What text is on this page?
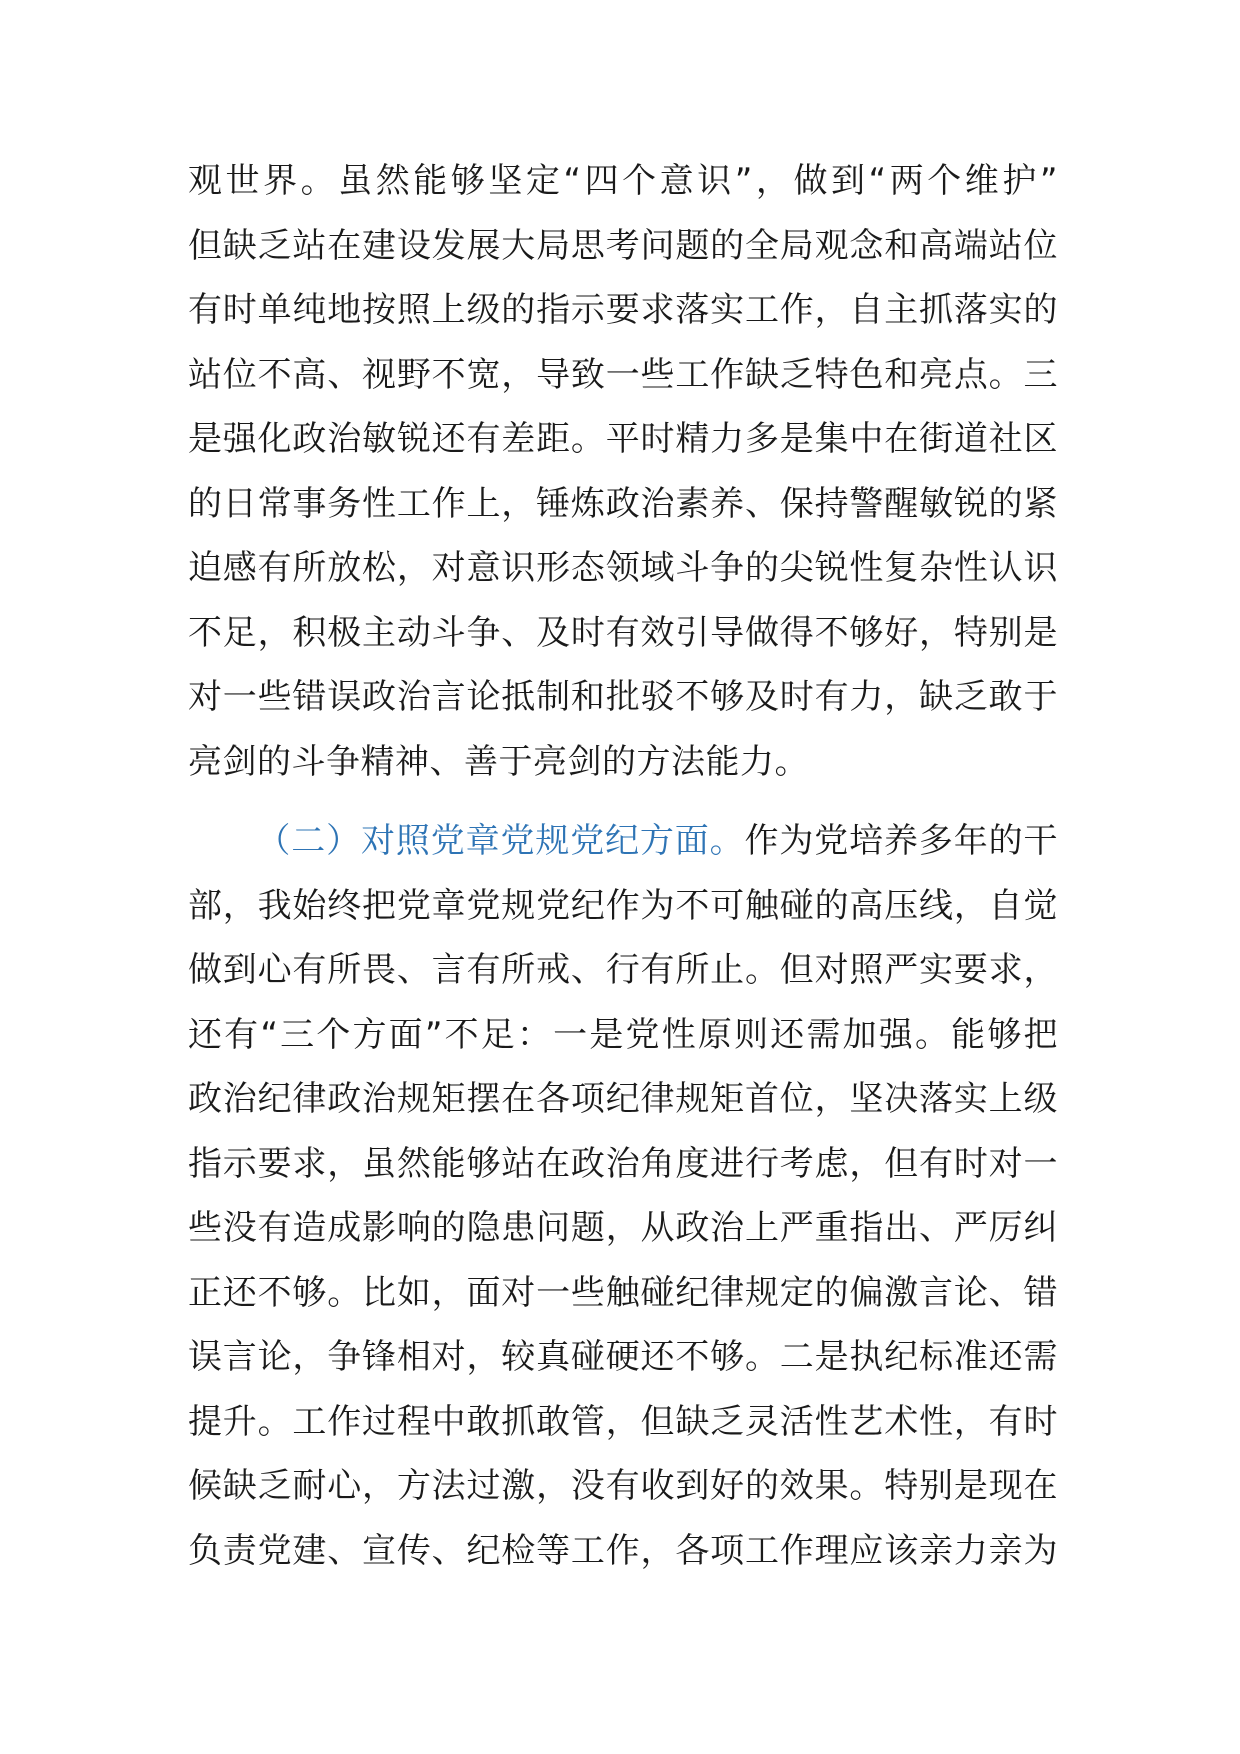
观世界。虽然能够坚定“四个意识”，做到“两个维护”
但缺乏站在建设发展大局思考问题的全局观念和高端站位
有时单纯地按照上级的指示要求落实工作，自主抓落实的
站位不高、视野不宽，导致一些工作缺乏特色和亮点。三
是强化政治敏锐还有差距。平时精力多是集中在街道社区
的日常事务性工作上，锤炼政治素养、保持警醒敏锐的紧
迫感有所放松，对意识形态领域斗争的尖锐性复杂性认识
不足，积极主动斗争、及时有效引导做得不够好，特别是
对一些错误政治言论抵制和批驳不够及时有力，缺乏敢于
亮剑的斗争精神、善于亮剑的方法能力。
（二）对照党章党规党纪方面。作为党培养多年的干
部，我始终把党章党规党纪作为不可触碰的高压线，自觉
做到心有所畏、言有所戒、行有所止。但对照严实要求，
还有“三个方面”不足：一是党性原则还需加强。能够把
政治纪律政治规矩摆在各项纪律规矩首位，坚决落实上级
指示要求，虽然能够站在政治角度进行考虑，但有时对一
些没有造成影响的隐患问题，从政治上严重指出、严厉纠
正还不够。比如，面对一些触碰纪律规定的偏激言论、错
误言论，争锋相对，较真碰硬还不够。二是执纪标准还需
提升。工作过程中敢抓敢管，但缺乏灵活性艺术性，有时
候缺乏耐心，方法过激，没有收到好的效果。特别是现在
负责党建、宣传、纪检等工作，各项工作理应该亲力亲为
